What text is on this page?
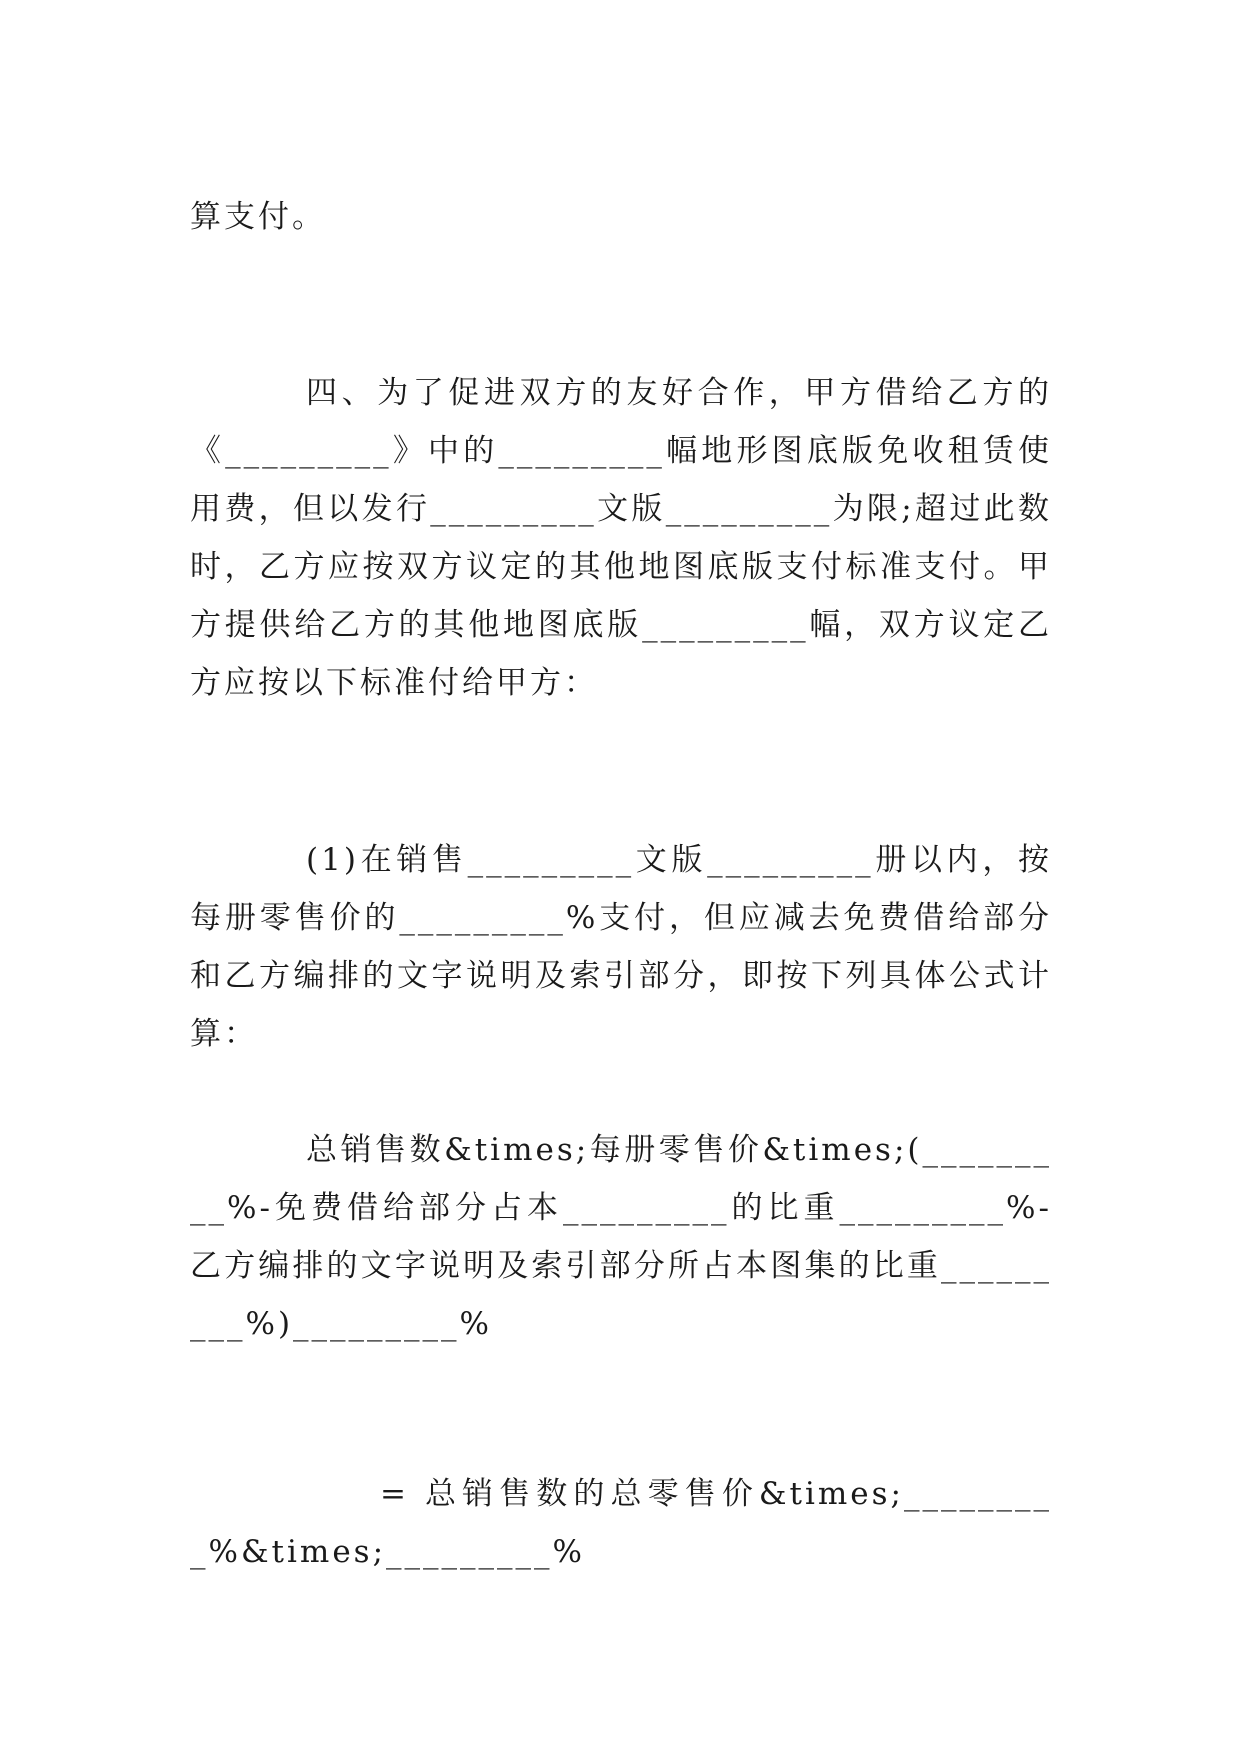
算支付。

四、为了促进双方的友好合作，甲方借给乙方的《_________》中的_________幅地形图底版免收租赁使用费，但以发行_________文版_________为限;超过此数时，乙方应按双方议定的其他地图底版支付标准支付。甲方提供给乙方的其他地图底版_________幅，双方议定乙方应按以下标准付给甲方：

(1)在销售_________文版_________册以内，按每册零售价的_________%支付，但应减去免费借给部分和乙方编排的文字说明及索引部分，即按下列具体公式计算：

总销售数&times;每册零售价&times;(_________%-免费借给部分占本_________的比重_________%-乙方编排的文字说明及索引部分所占本图集的比重_________%)_________%

= 总销售数的总零售价&times;_________%&times;_________%
